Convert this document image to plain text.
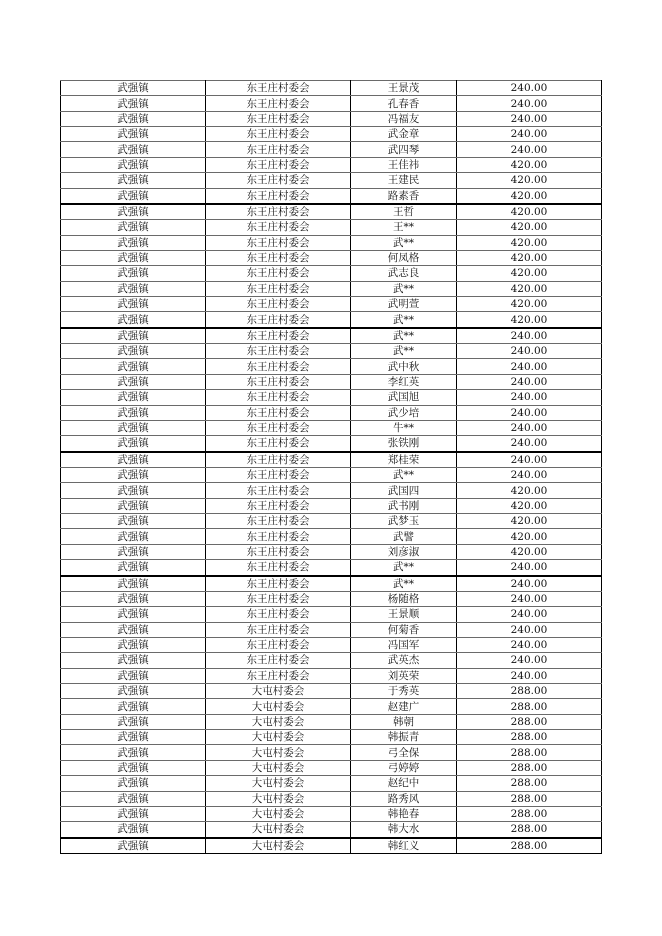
武强镇	东王庄村委会	王景茂	240.00
武强镇	东王庄村委会	孔春香	240.00
武强镇	东王庄村委会	冯福友	240.00
武强镇	东王庄村委会	武金章	240.00
武强镇	东王庄村委会	武四琴	240.00
武强镇	东王庄村委会	王佳祎	420.00
武强镇	东王庄村委会	王建民	420.00
武强镇	东王庄村委会	路素香	420.00
武强镇	东王庄村委会	王哲	420.00
武强镇	东王庄村委会	王**	420.00
武强镇	东王庄村委会	武**	420.00
武强镇	东王庄村委会	何凤格	420.00
武强镇	东王庄村委会	武志良	420.00
武强镇	东王庄村委会	武**	420.00
武强镇	东王庄村委会	武明萱	420.00
武强镇	东王庄村委会	武**	420.00
武强镇	东王庄村委会	武**	240.00
武强镇	东王庄村委会	武**	240.00
武强镇	东王庄村委会	武中秋	240.00
武强镇	东王庄村委会	李红英	240.00
武强镇	东王庄村委会	武国旭	240.00
武强镇	东王庄村委会	武少培	240.00
武强镇	东王庄村委会	牛**	240.00
武强镇	东王庄村委会	张铁刚	240.00
武强镇	东王庄村委会	郑桂荣	240.00
武强镇	东王庄村委会	武**	240.00
武强镇	东王庄村委会	武国四	420.00
武强镇	东王庄村委会	武书刚	420.00
武强镇	东王庄村委会	武梦玉	420.00
武强镇	东王庄村委会	武譬	420.00
武强镇	东王庄村委会	刘彦淑	420.00
武强镇	东王庄村委会	武**	240.00
武强镇	东王庄村委会	武**	240.00
武强镇	东王庄村委会	杨随格	240.00
武强镇	东王庄村委会	王景顺	240.00
武强镇	东王庄村委会	何菊香	240.00
武强镇	东王庄村委会	冯国军	240.00
武强镇	东王庄村委会	武英杰	240.00
武强镇	东王庄村委会	刘英荣	240.00
武强镇	大屯村委会	于秀英	288.00
武强镇	大屯村委会	赵建广	288.00
武强镇	大屯村委会	韩朝	288.00
武强镇	大屯村委会	韩振青	288.00
武强镇	大屯村委会	弓全保	288.00
武强镇	大屯村委会	弓婷婷	288.00
武强镇	大屯村委会	赵纪中	288.00
武强镇	大屯村委会	路秀风	288.00
武强镇	大屯村委会	韩艳春	288.00
武强镇	大屯村委会	韩大水	288.00
武强镇	大屯村委会	韩红义	288.00
